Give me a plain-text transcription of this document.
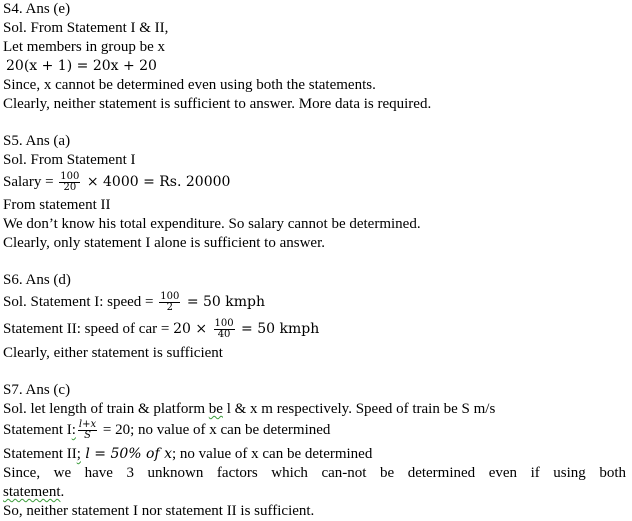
S4. Ans (e)
Sol. From Statement I & II,
Let members in group be x
20(x + 1) = 20x + 20
Since, x cannot be determined even using both the statements.
Clearly, neither statement is sufficient to answer. More data is required.
S5. Ans (a)
Sol. From Statement I
Salary = $\frac{100}{20} \times 4000 = Rs$. 20000
From statement II
We don’t know his total expenditure. So salary cannot be determined.
Clearly, only statement I alone is sufficient to answer.
S6. Ans (d)
Sol. Statement I: speed = $\frac{100}{2} = 50$ kmph
Statement II: speed of car = $20 \times \frac{100}{40} = 50$ kmph
Clearly, either statement is sufficient
S7. Ans (c)
Sol. let length of train & platform be l & x m respectively. Speed of train be S m/s
Statement I: $\frac{l+x}{S} = 20$; no value of x can be determined
Statement II; l = 50% of x; no value of x can be determined
Since, we have 3 unknown factors which can-not be determined even if using both
statement.
So, neither statement I nor statement II is sufficient.
